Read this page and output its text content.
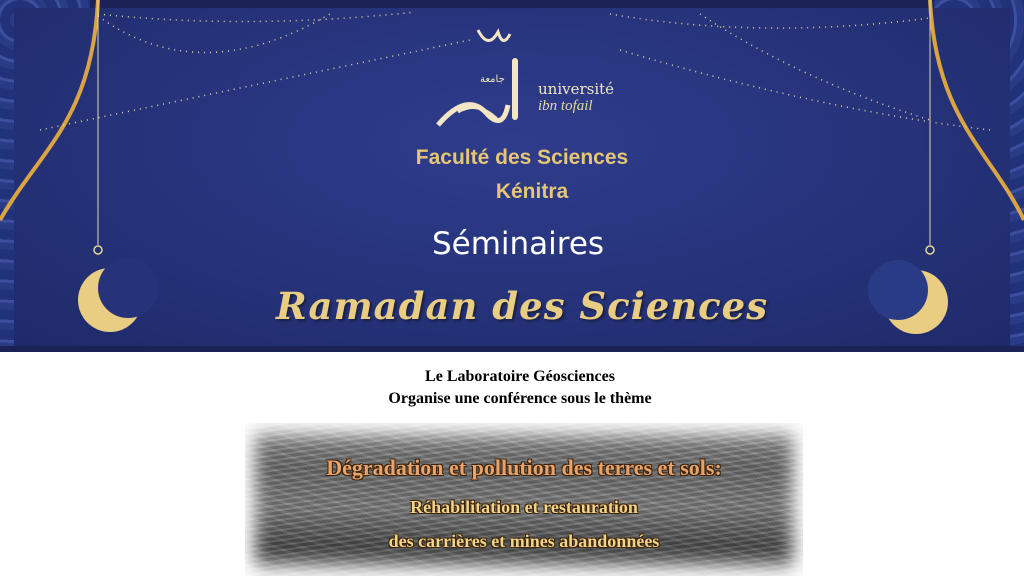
جامعة
université
ibn tofail
Faculté des Sciences
Kénitra
Séminaires
Ramadan des Sciences
Le Laboratoire Géosciences
Organise une conférence sous le thème
Dégradation et pollution des terres et sols:
Réhabilitation et restauration
des carrières et mines abandonnées
